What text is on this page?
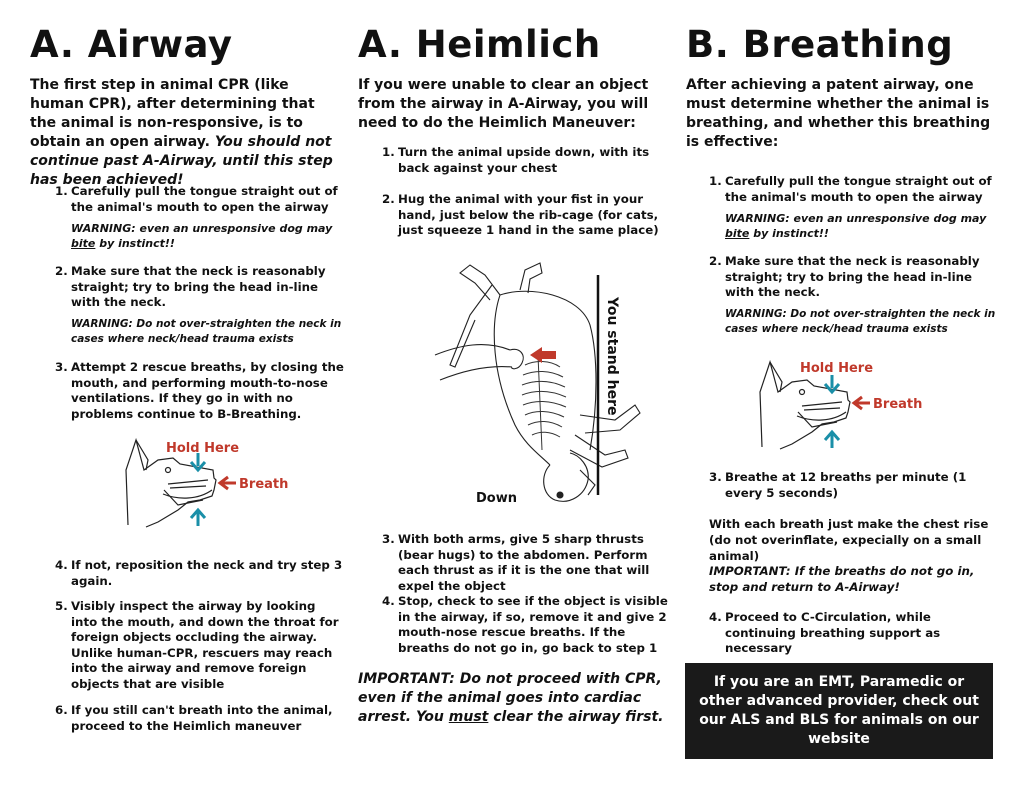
A. Airway

The first step in animal CPR (like human CPR), after determining that the animal is non-responsive, is to obtain an open airway. You should not continue past A-Airway, until this step has been achieved!

1. Carefully pull the tongue straight out of the animal's mouth to open the airway
WARNING: even an unresponsive dog may bite by instinct!!
2. Make sure that the neck is reasonably straight; try to bring the head in-line with the neck.
WARNING: Do not over-straighten the neck in cases where neck/head trauma exists
3. Attempt 2 rescue breaths, by closing the mouth, and performing mouth-to-nose ventilations. If they go in with no problems continue to B-Breathing.
4. If not, reposition the neck and try step 3 again.
5. Visibly inspect the airway by looking into the mouth, and down the throat for foreign objects occluding the airway. Unlike human-CPR, rescuers may reach into the airway and remove foreign objects that are visible
6. If you still can't breath into the animal, proceed to the Heimlich maneuver
Hold Here
Breath
A. Heimlich

If you were unable to clear an object from the airway in A-Airway, you will need to do the Heimlich Maneuver:

1. Turn the animal upside down, with its back against your chest
2. Hug the animal with your fist in your hand, just below the rib-cage (for cats, just squeeze 1 hand in the same place)
3. With both arms, give 5 sharp thrusts (bear hugs) to the abdomen. Perform each thrust as if it is the one that will expel the object
4. Stop, check to see if the object is visible in the airway, if so, remove it and give 2 mouth-nose rescue breaths. If the breaths do not go in, go back to step 1
You stand here
Down

IMPORTANT: Do not proceed with CPR, even if the animal goes into cardiac arrest. You must clear the airway first.

B. Breathing

After achieving a patent airway, one must determine whether the animal is breathing, and whether this breathing is effective:

1. Carefully pull the tongue straight out of the animal's mouth to open the airway
WARNING: even an unresponsive dog may bite by instinct!!
2. Make sure that the neck is reasonably straight; try to bring the head in-line with the neck.
WARNING: Do not over-straighten the neck in cases where neck/head trauma exists
3. Breathe at 12 breaths per minute (1 every 5 seconds)
4. Proceed to C-Circulation, while continuing breathing support as necessary
Hold Here
Breath

With each breath just make the chest rise (do not overinflate, expecially on a small animal)

IMPORTANT: If the breaths do not go in, stop and return to A-Airway!

If you are an EMT, Paramedic or other advanced provider, check out our ALS and BLS for animals on our website
